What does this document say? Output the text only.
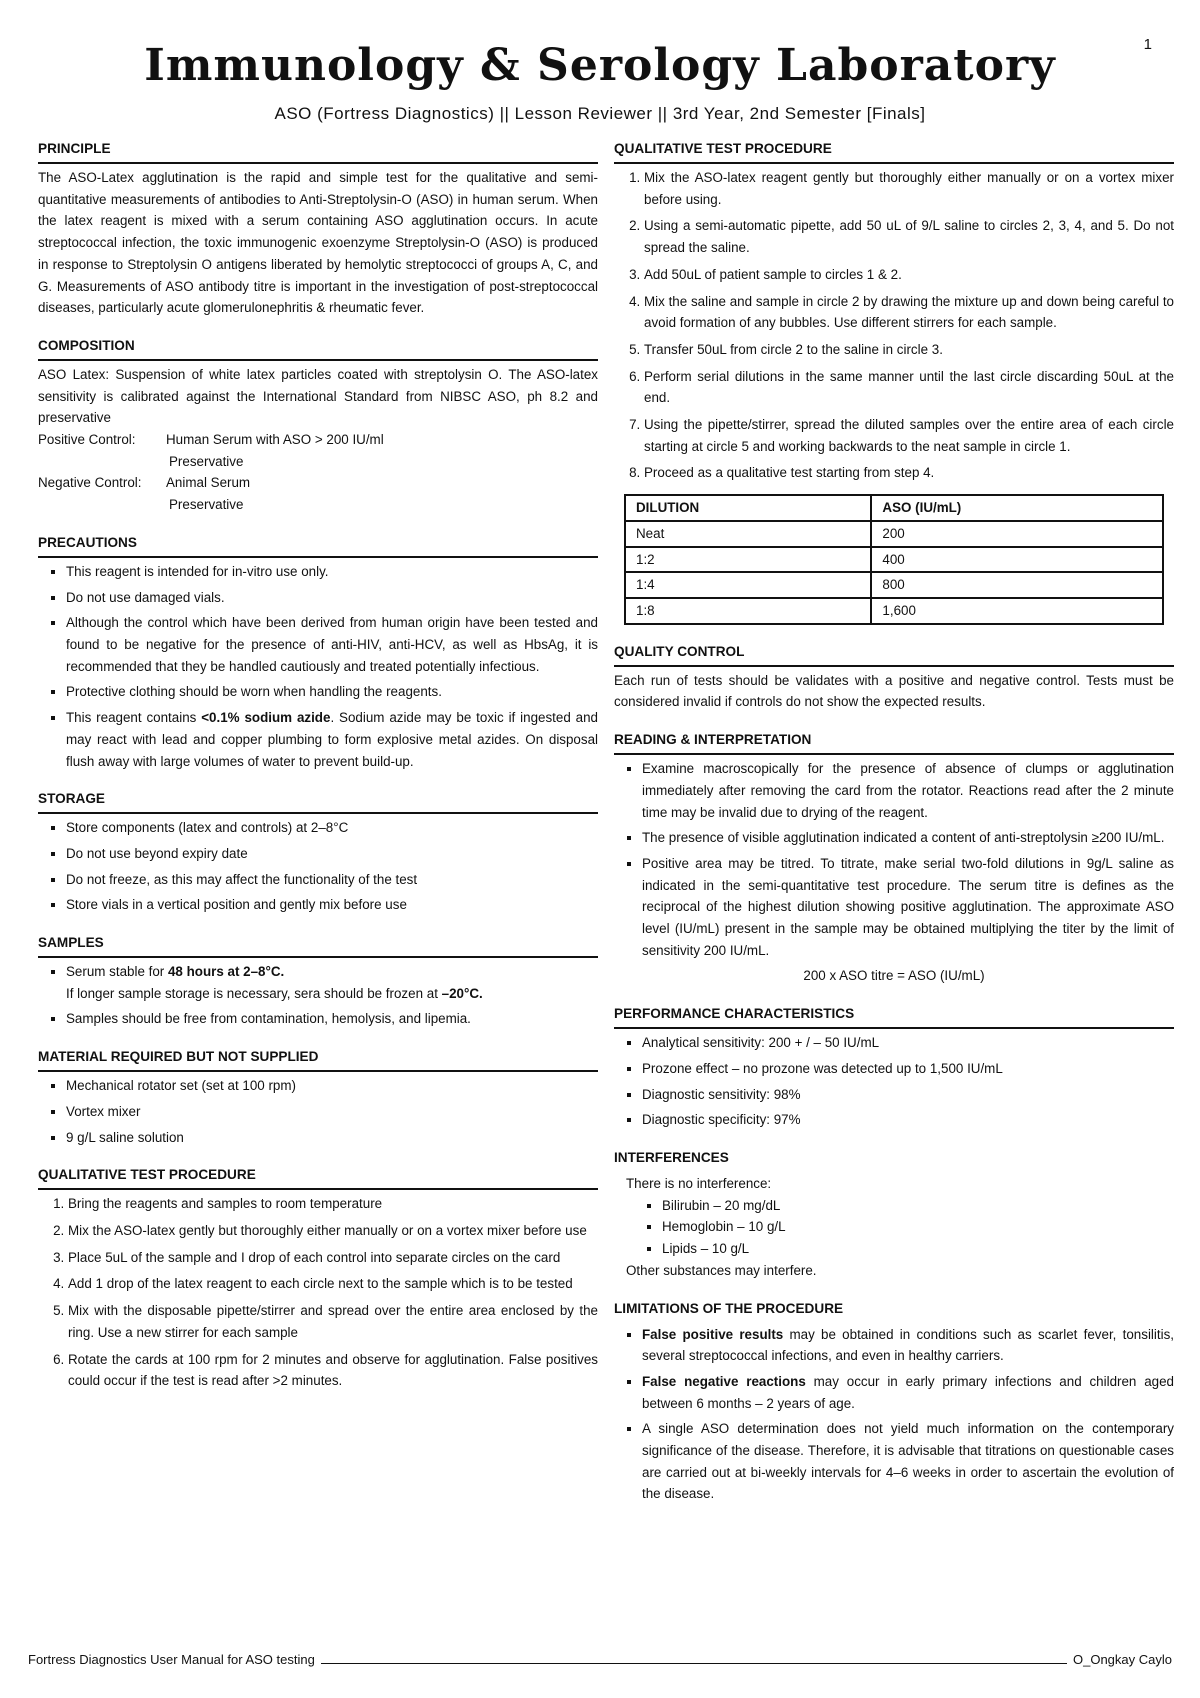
1
Immunology & Serology Laboratory
ASO (Fortress Diagnostics) || Lesson Reviewer || 3rd Year, 2nd Semester [Finals]
PRINCIPLE

The ASO-Latex agglutination is the rapid and simple test for the qualitative and semi-quantitative measurements of antibodies to Anti-Streptolysin-O (ASO) in human serum. When the latex reagent is mixed with a serum containing ASO agglutination occurs. In acute streptococcal infection, the toxic immunogenic exoenzyme Streptolysin-O (ASO) is produced in response to Streptolysin O antigens liberated by hemolytic streptococci of groups A, C, and G. Measurements of ASO antibody titre is important in the investigation of post-streptococcal diseases, particularly acute glomerulonephritis & rheumatic fever.

COMPOSITION

ASO Latex: Suspension of white latex particles coated with streptolysin O. The ASO-latex sensitivity is calibrated against the International Standard from NIBSC ASO, ph 8.2 and preservative

Positive Control:	Human Serum with ASO > 200 IU/ml
Preservative
Negative Control:	Animal Serum
Preservative
PRECAUTIONS
▪ This reagent is intended for in-vitro use only.
▪ Do not use damaged vials.
▪ Although the control which have been derived from human origin have been tested and found to be negative for the presence of anti-HIV, anti-HCV, as well as HbsAg, it is recommended that they be handled cautiously and treated potentially infectious.
▪ Protective clothing should be worn when handling the reagents.
▪ This reagent contains <0.1% sodium azide. Sodium azide may be toxic if ingested and may react with lead and copper plumbing to form explosive metal azides. On disposal flush away with large volumes of water to prevent build-up.
STORAGE
▪ Store components (latex and controls) at 2–8°C
▪ Do not use beyond expiry date
▪ Do not freeze, as this may affect the functionality of the test
▪ Store vials in a vertical position and gently mix before use
SAMPLES
▪ Serum stable for 48 hours at 2–8°C.
If longer sample storage is necessary, sera should be frozen at –20°C.
▪ Samples should be free from contamination, hemolysis, and lipemia.
MATERIAL REQUIRED BUT NOT SUPPLIED
▪ Mechanical rotator set (set at 100 rpm)
▪ Vortex mixer
▪ 9 g/L saline solution
QUALITATIVE TEST PROCEDURE
1. Bring the reagents and samples to room temperature
2. Mix the ASO-latex gently but thoroughly either manually or on a vortex mixer before use
3. Place 5uL of the sample and I drop of each control into separate circles on the card
4. Add 1 drop of the latex reagent to each circle next to the sample which is to be tested
5. Mix with the disposable pipette/stirrer and spread over the entire area enclosed by the ring. Use a new stirrer for each sample
6. Rotate the cards at 100 rpm for 2 minutes and observe for agglutination. False positives could occur if the test is read after >2 minutes.
QUALITATIVE TEST PROCEDURE
1. Mix the ASO-latex reagent gently but thoroughly either manually or on a vortex mixer before using.
2. Using a semi-automatic pipette, add 50 uL of 9/L saline to circles 2, 3, 4, and 5. Do not spread the saline.
3. Add 50uL of patient sample to circles 1 & 2.
4. Mix the saline and sample in circle 2 by drawing the mixture up and down being careful to avoid formation of any bubbles. Use different stirrers for each sample.
5. Transfer 50uL from circle 2 to the saline in circle 3.
6. Perform serial dilutions in the same manner until the last circle discarding 50uL at the end.
7. Using the pipette/stirrer, spread the diluted samples over the entire area of each circle starting at circle 5 and working backwards to the neat sample in circle 1.
8. Proceed as a qualitative test starting from step 4.
DILUTION	ASO (IU/mL)
Neat	200
1:2	400
1:4	800
1:8	1,600
QUALITY CONTROL

Each run of tests should be validates with a positive and negative control. Tests must be considered invalid if controls do not show the expected results.

READING & INTERPRETATION
▪ Examine macroscopically for the presence of absence of clumps or agglutination immediately after removing the card from the rotator. Reactions read after the 2 minute time may be invalid due to drying of the reagent.
▪ The presence of visible agglutination indicated a content of anti-streptolysin ≥200 IU/mL.
▪ Positive area may be titred. To titrate, make serial two-fold dilutions in 9g/L saline as indicated in the semi-quantitative test procedure. The serum titre is defines as the reciprocal of the highest dilution showing positive agglutination. The approximate ASO level (IU/mL) present in the sample may be obtained multiplying the titer by the limit of sensitivity 200 IU/mL.
200 x ASO titre = ASO (IU/mL)
PERFORMANCE CHARACTERISTICS
▪ Analytical sensitivity: 200 + / – 50 IU/mL
▪ Prozone effect – no prozone was detected up to 1,500 IU/mL
▪ Diagnostic sensitivity: 98%
▪ Diagnostic specificity: 97%
INTERFERENCES
There is no interference:
▪ Bilirubin – 20 mg/dL
▪ Hemoglobin – 10 g/L
▪ Lipids – 10 g/L
Other substances may interfere.
LIMITATIONS OF THE PROCEDURE
▪ False positive results may be obtained in conditions such as scarlet fever, tonsilitis, several streptococcal infections, and even in healthy carriers.
▪ False negative reactions may occur in early primary infections and children aged between 6 months – 2 years of age.
▪ A single ASO determination does not yield much information on the contemporary significance of the disease. Therefore, it is advisable that titrations on questionable cases are carried out at bi-weekly intervals for 4–6 weeks in order to ascertain the evolution of the disease.
Fortress Diagnostics User Manual for ASO testing	O_Ongkay Caylo
